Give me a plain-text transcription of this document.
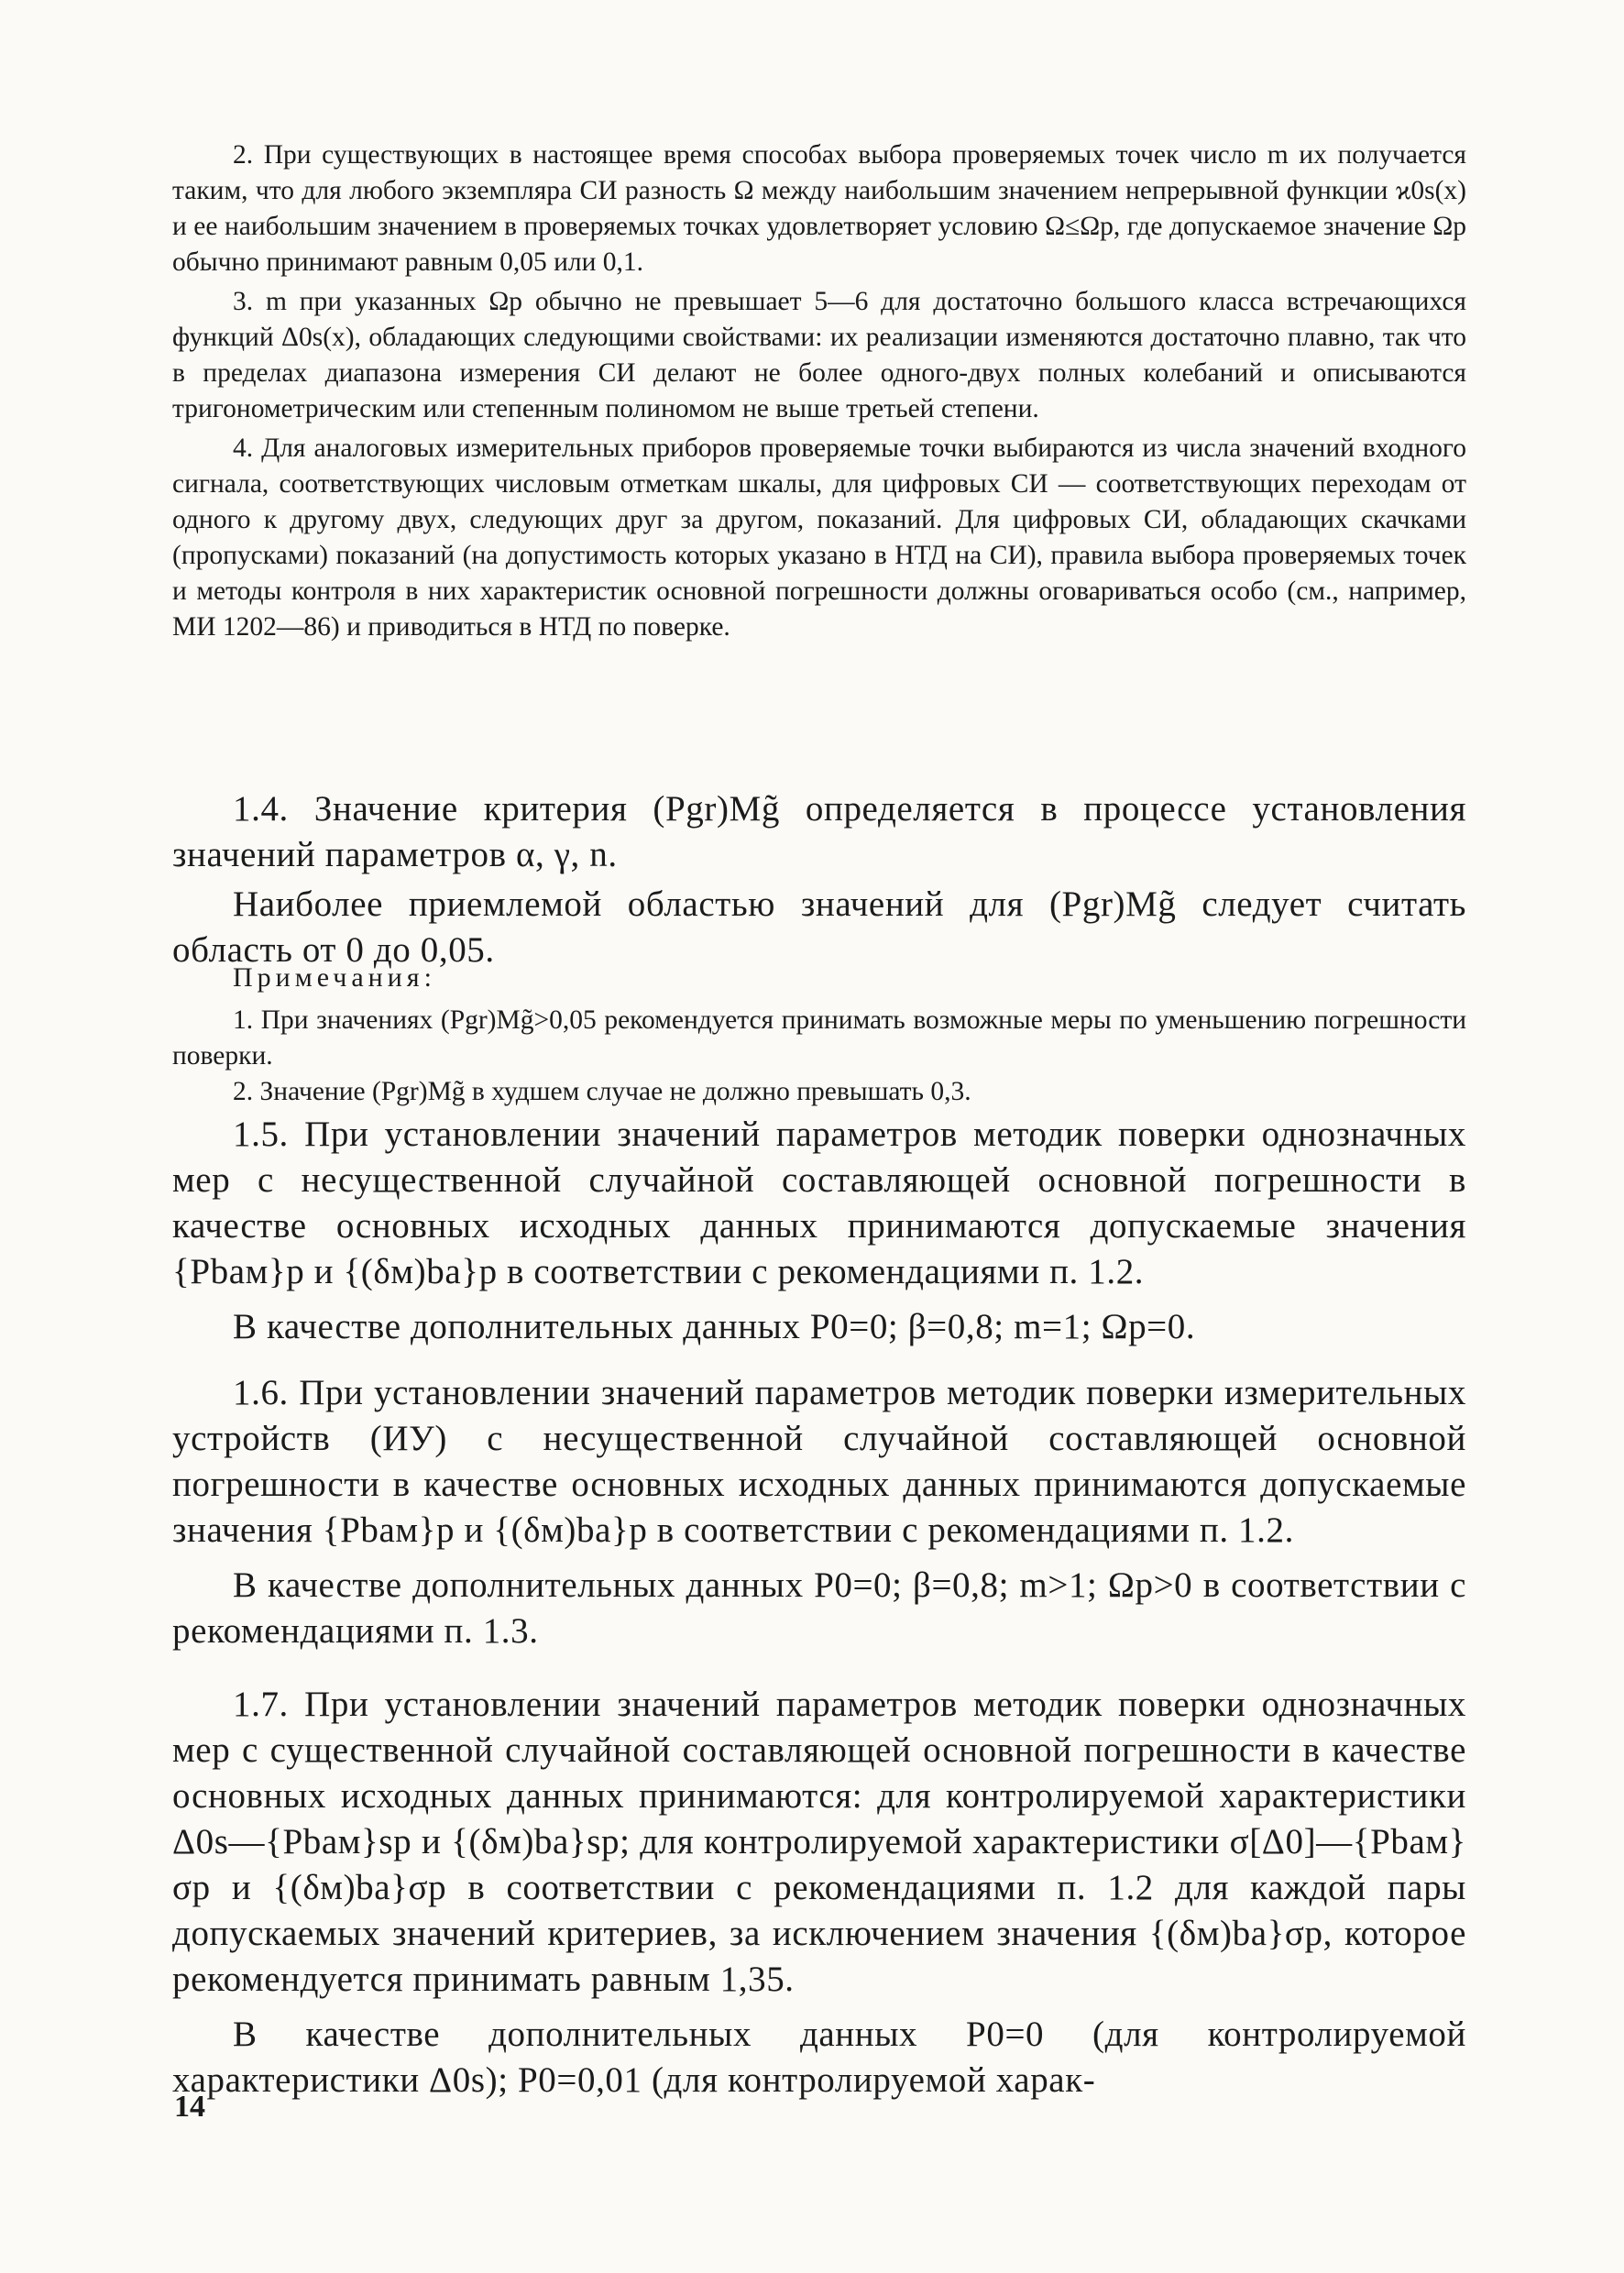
2. При существующих в настоящее время способах выбора проверяемых точек число m их получается таким, что для любого экземпляра СИ разность Ω между наибольшим значением непрерывной функции ϰ0s(x) и ее наибольшим значением в проверяемых точках удовлетворяет условию Ω≤Ωp, где допускаемое значение Ωp обычно принимают равным 0,05 или 0,1.

3. m при указанных Ωp обычно не превышает 5—6 для достаточно большого класса встречающихся функций Δ0s(x), обладающих следующими свойствами: их реализации изменяются достаточно плавно, так что в пределах диапазона измерения СИ делают не более одного-двух полных колебаний и описываются тригонометрическим или степенным полиномом не выше третьей степени.

4. Для аналоговых измерительных приборов проверяемые точки выбираются из числа значений входного сигнала, соответствующих числовым отметкам шкалы, для цифровых СИ — соответствующих переходам от одного к другому двух, следующих друг за другом, показаний. Для цифровых СИ, обладающих скачками (пропусками) показаний (на допустимость которых указано в НТД на СИ), правила выбора проверяемых точек и методы контроля в них характеристик основной погрешности должны оговариваться особо (см., например, МИ 1202—86) и приводиться в НТД по поверке.

1.4. Значение критерия (Pgr)Mg̃ определяется в процессе установления значений параметров α, γ, n.

Наиболее приемлемой областью значений для (Pgr)Mg̃ следует считать область от 0 до 0,05.

Примечания:

1. При значениях (Pgr)Mg̃>0,05 рекомендуется принимать возможные меры по уменьшению погрешности поверки.

2. Значение (Pgr)Mg̃ в худшем случае не должно превышать 0,3.

1.5. При установлении значений параметров методик поверки однозначных мер с несущественной случайной составляющей основной погрешности в качестве основных исходных данных принимаются допускаемые значения {Pbaм}p и {(δм)ba}p в соответствии с рекомендациями п. 1.2.

В качестве дополнительных данных P0=0; β=0,8; m=1; Ωp=0.

1.6. При установлении значений параметров методик поверки измерительных устройств (ИУ) с несущественной случайной составляющей основной погрешности в качестве основных исходных данных принимаются допускаемые значения {Pbaм}p и {(δм)ba}p в соответствии с рекомендациями п. 1.2.

В качестве дополнительных данных P0=0; β=0,8; m>1; Ωp>0 в соответствии с рекомендациями п. 1.3.

1.7. При установлении значений параметров методик поверки однозначных мер с существенной случайной составляющей основной погрешности в качестве основных исходных данных принимаются: для контролируемой характеристики Δ0s—{Pbaм}sp и {(δм)ba}sp; для контролируемой характеристики σ[Δ0]—{Pbaм}σp и {(δм)ba}σp в соответствии с рекомендациями п. 1.2 для каждой пары допускаемых значений критериев, за исключением значения {(δм)ba}σp, которое рекомендуется принимать равным 1,35.

В качестве дополнительных данных P0=0 (для контролируемой характеристики Δ0s); P0=0,01 (для контролируемой харак-

14
